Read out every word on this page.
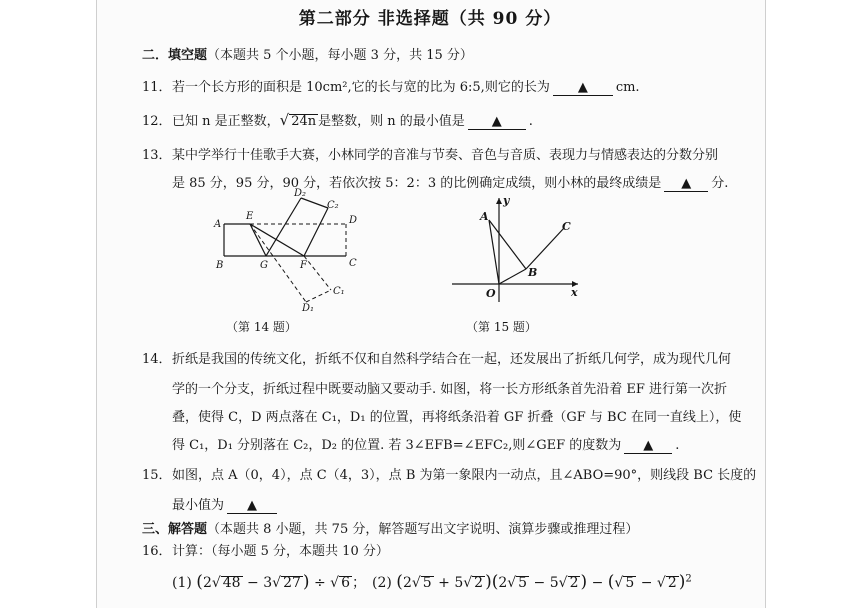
第二部分 非选择题（共 90 分）
二．填空题（本题共 5 个小题，每小题 3 分，共 15 分）
11．若一个长方形的面积是 10cm²,它的长与宽的比为 6:5,则它的长为 ▲ cm.
12．已知 n 是正整数，√ 24n 是整数，则 n 的最小值是 ▲ .
13．某中学举行十佳歌手大赛，小林同学的音准与节奏、音色与音质、表现力与情感表达的分数分别
是 85 分，95 分，90 分，若依次按 5：2：3 的比例确定成绩，则小林的最终成绩是 ▲ 分.
A
B
E	D
C
G	F
D₂
C₂
C₁
D₁
（第 14 题）
A
y
C
B
O	x
（第 15 题）
14．折纸是我国的传统文化，折纸不仅和自然科学结合在一起，还发展出了折纸几何学，成为现代几何
学的一个分支，折纸过程中既要动脑又要动手. 如图，将一长方形纸条首先沿着 EF 进行第一次折
叠，使得 C，D 两点落在 C₁，D₁ 的位置，再将纸条沿着 GF 折叠（GF 与 BC 在同一直线上），使
得 C₁，D₁ 分别落在 C₂，D₂ 的位置. 若 3∠EFB=∠EFC₂,则∠GEF 的度数为 ▲ .
15．如图，点 A（0，4），点 C（4，3），点 B 为第一象限内一动点，且∠ABO=90°，则线段 BC 长度的
最小值为 ▲
三、解答题（本题共 8 小题，共 75 分，解答题写出文字说明、演算步骤或推理过程）
16．计算：（每小题 5 分，本题共 10 分）
(1) (2√ 48 − 3√ 27 ) ÷ √ 6 ； (2) (2√ 5 + 5√ 2 )(2√ 5 − 5√ 2 ) − (√ 5 − √ 2 )$^2$
